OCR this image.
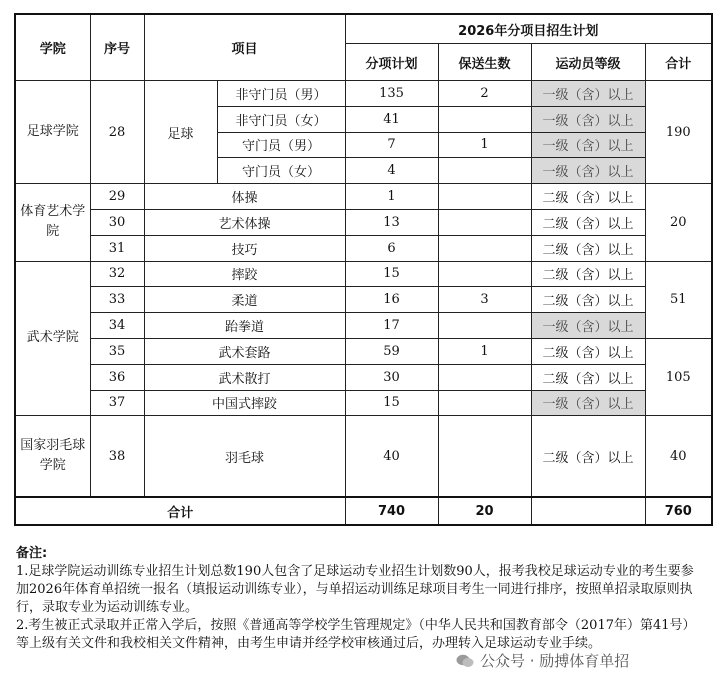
学院	序号	项目		2026年分项目招生计划			
				分项计划	保送生数	运动员等级	合计
足球学院	28	足球	非守门员（男）	135	2	一级（含）以上	190
			非守门员（女）	41		一级（含）以上	
			守门员（男）	7	1	一级（含）以上	
			守门员（女）	4		一级（含）以上	
体育艺术学院	29	体操		1		二级（含）以上	20
	30	艺术体操		13		二级（含）以上	
	31	技巧		6		二级（含）以上	
武术学院	32	摔跤		15		二级（含）以上	51
	33	柔道		16	3	二级（含）以上	
	34	跆拳道		17		一级（含）以上	
	35	武术套路		59	1	二级（含）以上	105
	36	武术散打		30		二级（含）以上	
	37	中国式摔跤		15		一级（含）以上	
国家羽毛球学院	38	羽毛球		40		二级（含）以上	40
合计				740	20		760
备注:
1.足球学院运动训练专业招生计划总数190人包含了足球运动专业招生计划数90人，报考我校足球运动专业的考生要参加2026年体育单招统一报名（填报运动训练专业），与单招运动训练足球项目考生一同进行排序，按照单招录取原则执行，录取专业为运动训练专业。
2.考生被正式录取并正常入学后，按照《普通高等学校学生管理规定》（中华人民共和国教育部令（2017年）第41号）等上级有关文件和我校相关文件精神，由考生申请并经学校审核通过后，办理转入足球运动专业手续。
公众号 · 励搏体育单招
